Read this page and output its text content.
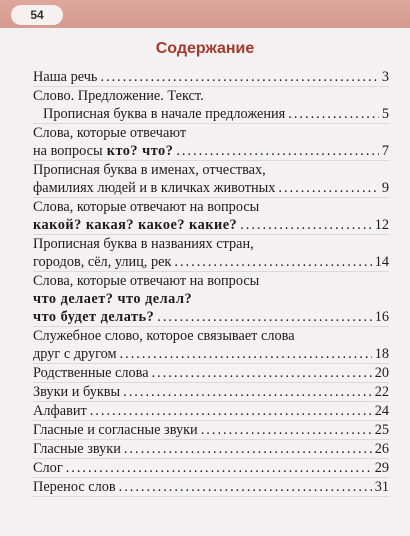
54
Содержание
Наша речь .....	3
Слово. Предложение. Текст.
Прописная буква в начале предложения .....	5
Слова, которые отвечают
на вопросы кто? что? .....	7
Прописная буква в именах, отчествах,
фамилиях людей и в кличках животных .....	9
Слова, которые отвечают на вопросы
какой? какая? какое? какие? .....	12
Прописная буква в названиях стран,
городов, сёл, улиц, рек .....	14
Слова, которые отвечают на вопросы
что делает? что делал?
что будет делать? .....	16
Служебное слово, которое связывает слова
друг с другом .....	18
Родственные слова .....	20
Звуки и буквы .....	22
Алфавит .....	24
Гласные и согласные звуки .....	25
Гласные звуки .....	26
Слог .....	29
Перенос слов .....	31
